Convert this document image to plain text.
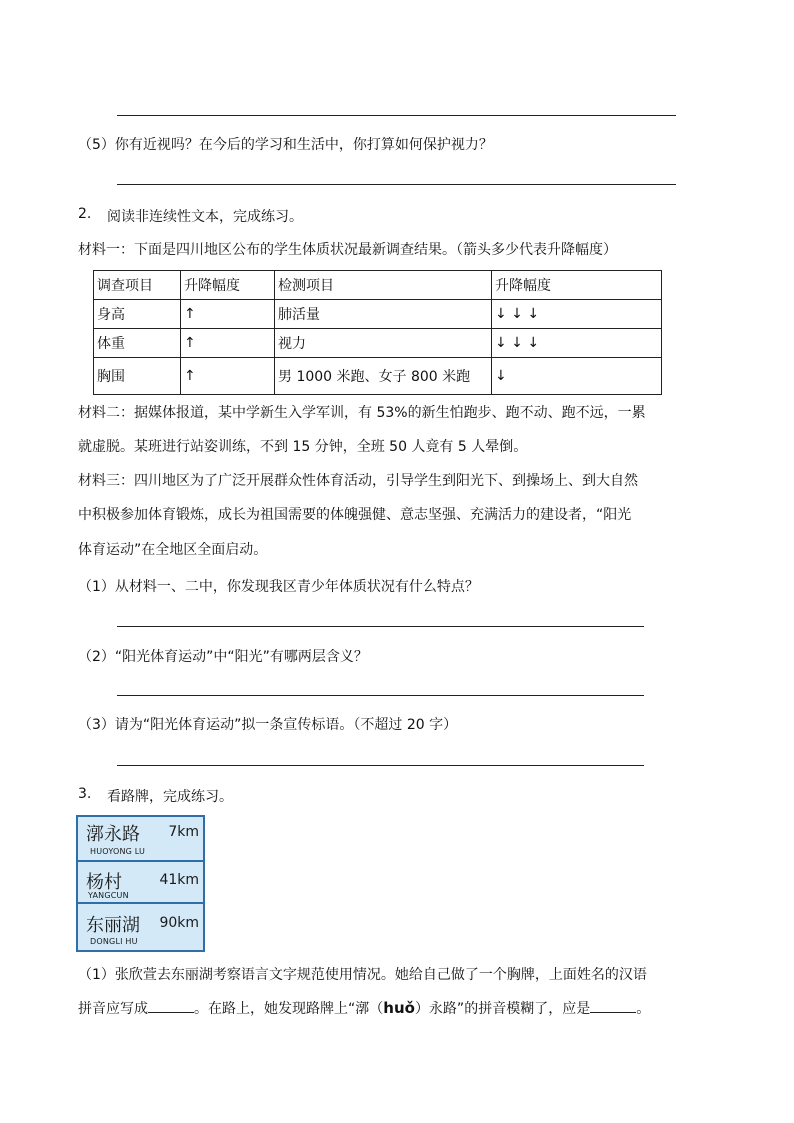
（5）你有近视吗？在今后的学习和生活中，你打算如何保护视力？
2. 阅读非连续性文本，完成练习。
材料一：下面是四川地区公布的学生体质状况最新调查结果。（箭头多少代表升降幅度）
调查项目	升降幅度	检测项目	升降幅度
身高	↑	肺活量	↓ ↓ ↓
体重	↑	视力	↓ ↓ ↓
胸围	↑	男 1000 米跑、女子 800 米跑	↓
材料二：据媒体报道，某中学新生入学军训，有 53%的新生怕跑步、跑不动、跑不远，一累
就虚脱。某班进行站姿训练，不到 15 分钟，全班 50 人竟有 5 人晕倒。
材料三：四川地区为了广泛开展群众性体育活动，引导学生到阳光下、到操场上、到大自然
中积极参加体育锻炼，成长为祖国需要的体魄强健、意志坚强、充满活力的建设者，“阳光
体育运动”在全地区全面启动。
（1）从材料一、二中，你发现我区青少年体质状况有什么特点？
（2）“阳光体育运动”中“阳光”有哪两层含义？
（3）请为“阳光体育运动”拟一条宣传标语。（不超过 20 字）
3. 看路牌，完成练习。
漷永路 7km
HUOYONG LU
杨村	41km
YANGCUN
东丽湖 90km
DONGLI HU
（1）张欣萱去东丽湖考察语言文字规范使用情况。她给自己做了一个胸牌，上面姓名的汉语
拼音应写成	。在路上，她发现路牌上“漷（huǒ）永路”的拼音模糊了，应是	。
